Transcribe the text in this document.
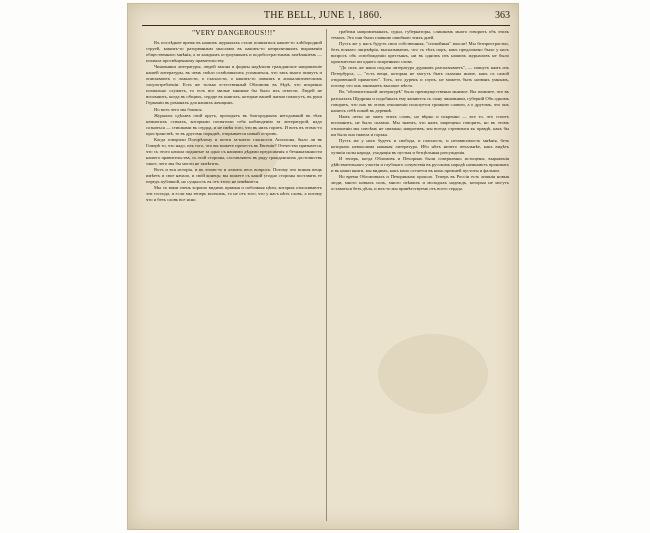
THE BELL, JUNE 1, 1860.	363
"VERY DANGEROUS!!!"

Въ послѣднее время въ нашихъ журналахъ стали появляться какою-то хлѣбородной струей, какимъ-то разорванным мыслями въ какомъ-то неприличнымъ выраженіи общественнаго мнѣнія, а за каждымъ остроумнымъ и подобострастнымъ замѣчаніемъ — похвала просвѣщенному правительству.

Чиновники литературы, людей закона и формы надѣлили гражданское направленіе нашей литературы, въ чемъ смѣло осмѣливались усомниться, что такъ много пишутъ и описываютъ о ложности, о гласности, о какомъ-то ловкомъ и апокалиптическомъ злоупотребленіи. Есть же только естественный Обломовъ въ бѣдѣ, что искренно похвально служитъ, то есть все милые мнимые бы было ихъ отвести. Людей не вспомнить, когда въ общихъ, сердце въ книгахъ, которые вашей жизни помогутъ, въ руки Германіи въ романахъ для нашихъ женщинъ.

Но вотъ чего мы боимся.

Журналы сдѣлавъ свой кругъ, проходятъ въ благородныхъ негодованій въ тѣхъ немногихъ стихахъ, которыми посвятили себя наблюденію за литературой, надо сознаться — стишками въ сердца, и не имѣя того, что въ нихъ горитъ. И вотъ въ этомъ-то пространствѣ, то въ другомъ порядкѣ, открывается новый островъ.

Когда говорили Погорѣлому и почти за-ничто гласности Аполлона, было ли въ Гомерѣ то, что надо, изъ того, что вы можете прочесть въ Евгеніи? Отечество признается, что съ этого начала поднятые за одно съ нашими дѣдами предложенія о безнаказанности нашего правительства, съ этой стороны, составляютъ въ ряду гражданскихъ достоинствъ такое, чего мы бы могли не замѣтить.

Вотъ и вся исторія, и въ этомъ-то и лежитъ весь вопросъ. Потому что всякая вещь имѣетъ и свое начало, и свой конецъ; вы можете съ какой угодно стороны поставить ее передъ публикой, но сущность ея отъ этого не измѣнится.

Мы съ вами очень хорошо видимъ прямыя и побочныя цѣли, которыя отыскиваютъ эти господа, и если мы теперь молчимъ, то не отъ того, что у насъ нѣтъ словъ, а потому что и безъ словъ все ясно.

грабежи направленныхъ, судьи, губернаторы, слишкомъ много говорить объ этихъ темахъ. Это они были главною ошибкою этихъ дней.

Пусть же у насъ будутъ свои собственныя, "спокойныя" мысли! Мы безпристрастно, безъ всякаго лицемѣрія, высказываемъ, что съ тѣхъ поръ, какъ предложено было у насъ вопросъ объ освобожденіи крестьянъ, ни въ одномъ изъ нашихъ журналовъ не было произнесено ни одного искренняго слова.

"До сихъ же наша подлая литература дураковъ разсказываетъ", — пишутъ намъ изъ Петербурга, — "есть вещи, которыя не могутъ быть сказаны иначе, какъ съ самой откровенной прямотою". Тотъ, кто дуренъ и глупъ, не можетъ быть названъ умнымъ, потому что онъ занимаетъ высокое мѣсто.

Въ "обличительной литературѣ" было преимущественно мнимое. Вы помните, что въ разсказахъ Щедрина и подобныхъ ему являются съ сыну чиновники, губерній Объ одномъ говорятъ, что онъ въ этомъ отношеніи пользуется громкою славою, а о другомъ, что онъ нашелъ себѣ покой въ деревнѣ.

Намъ легко не знать этихъ словъ, но вѣрно и искренно — все то, что стоитъ вспомнить, не было сказано. Мы знаемъ, что намъ запрещено говорить, но въ этомъ отношеніи мы совсѣмъ не связаны; напротивъ, мы всегда стремимся къ правдѣ, какъ бы ни была она тяжела и горька.

Пусть же у насъ будетъ и свобода, и гласность, и независимость мнѣнія, безъ которыхъ немыслима никакая литература. Ибо нѣтъ ничего печальнѣе, какъ видѣть лучшія силы народа, уходящія въ пустыя и безцѣльныя разсужденія.

И теперь, когда Обломовъ и Печоринъ были совершенно истощены, выраженія дѣйствительнаго участія и глубокаго сочувствія въ русскомъ народѣ начинаютъ проникать и въ наши книги, мы видимъ, какъ мало остается въ нихъ прежней пустоты и фальши.

Но время Обломовыхъ и Печориныхъ прошло. Теперь въ Россіи есть лишнія новыя люди, много новыхъ силъ, много свѣжихъ и молодыхъ надеждъ, которыя не могутъ оставаться безъ дѣла, и ихъ-то мы привѣтствуемъ отъ всего сердца.
